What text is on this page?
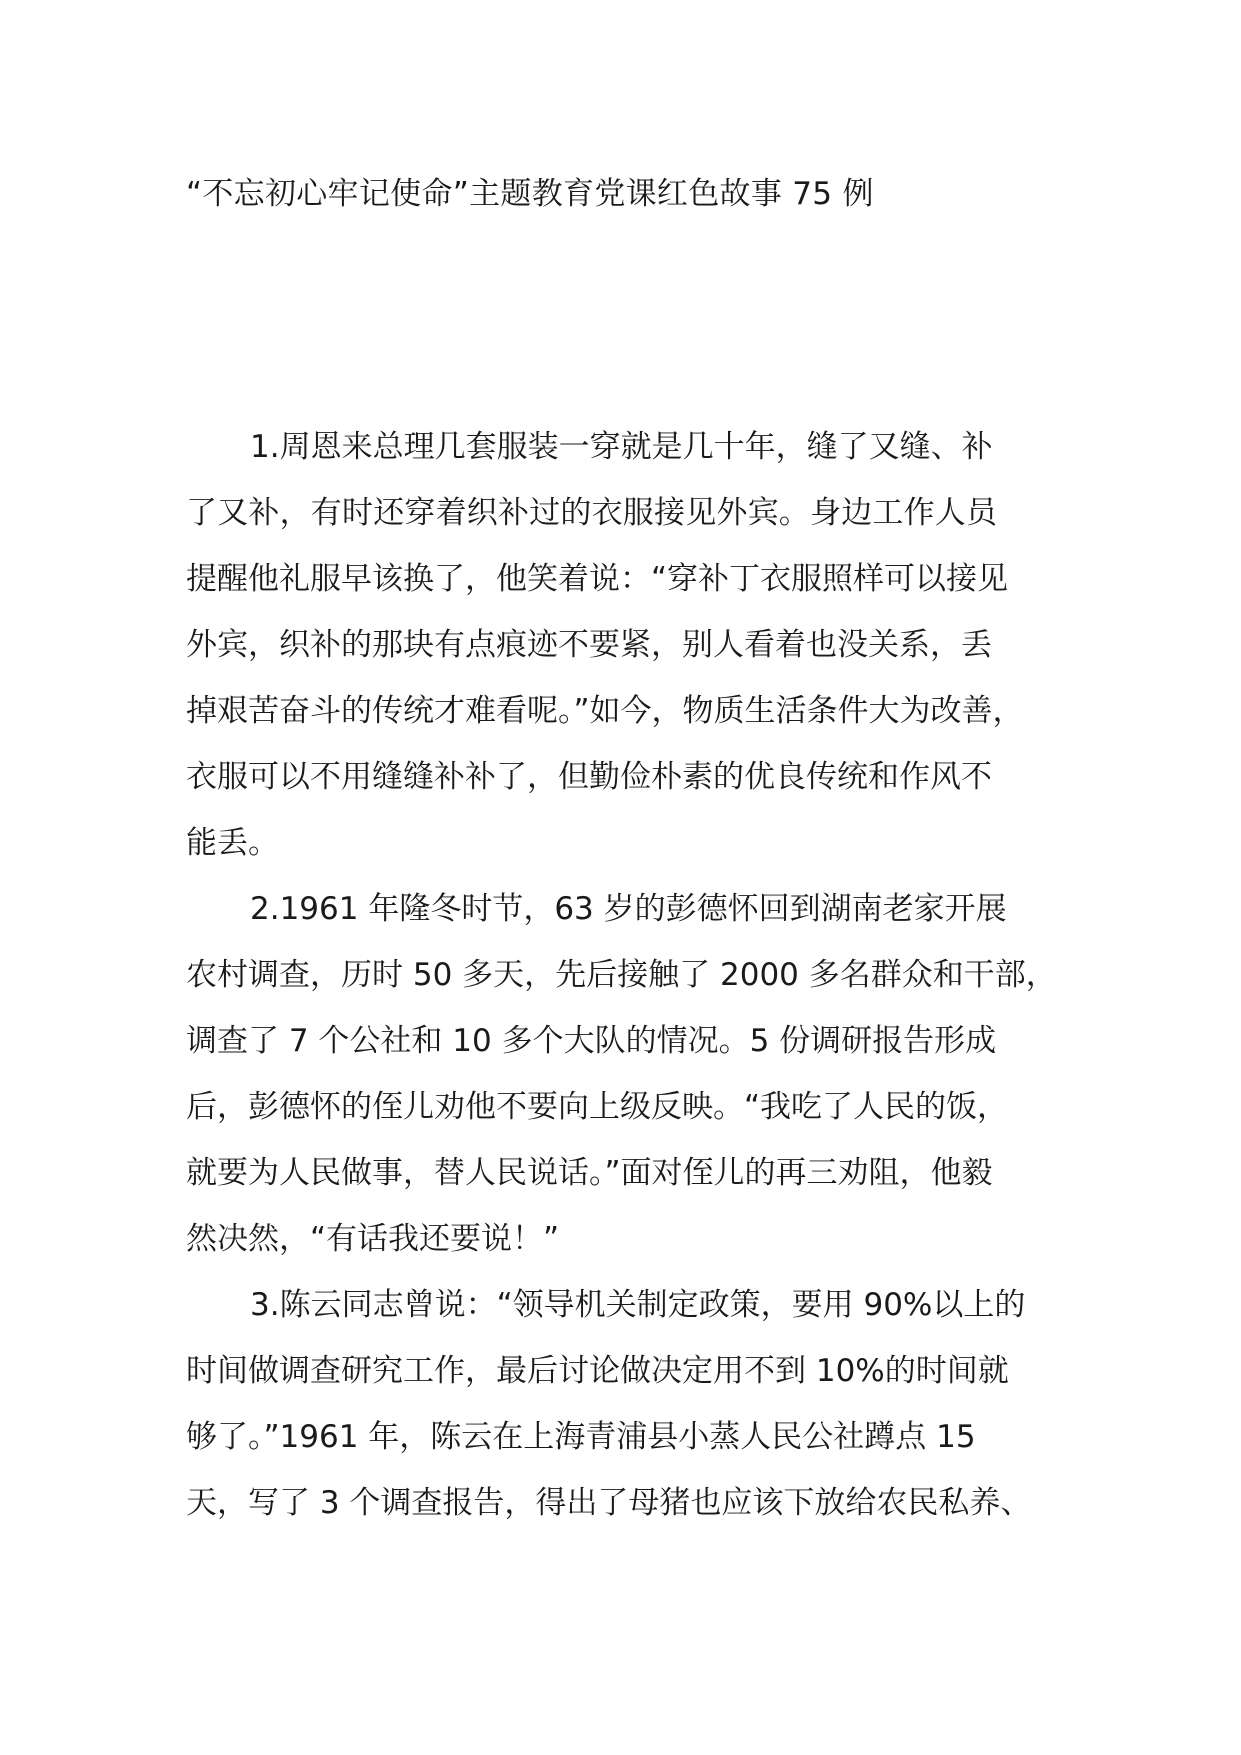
“不忘初心牢记使命”主题教育党课红色故事 75 例
1.周恩来总理几套服装一穿就是几十年，缝了又缝、补
了又补，有时还穿着织补过的衣服接见外宾。身边工作人员
提醒他礼服早该换了，他笑着说：“穿补丁衣服照样可以接见
外宾，织补的那块有点痕迹不要紧，别人看着也没关系，丢
掉艰苦奋斗的传统才难看呢。”如今，物质生活条件大为改善，
衣服可以不用缝缝补补了，但勤俭朴素的优良传统和作风不
能丢。
2.1961 年隆冬时节，63 岁的彭德怀回到湖南老家开展
农村调查，历时 50 多天，先后接触了 2000 多名群众和干部，
调查了 7 个公社和 10 多个大队的情况。5 份调研报告形成
后，彭德怀的侄儿劝他不要向上级反映。“我吃了人民的饭，
就要为人民做事，替人民说话。”面对侄儿的再三劝阻，他毅
然决然，“有话我还要说！”
3.陈云同志曾说：“领导机关制定政策，要用 90%以上的
时间做调查研究工作，最后讨论做决定用不到 10%的时间就
够了。”1961 年，陈云在上海青浦县小蒸人民公社蹲点 15
天，写了 3 个调查报告，得出了母猪也应该下放给农民私养、
